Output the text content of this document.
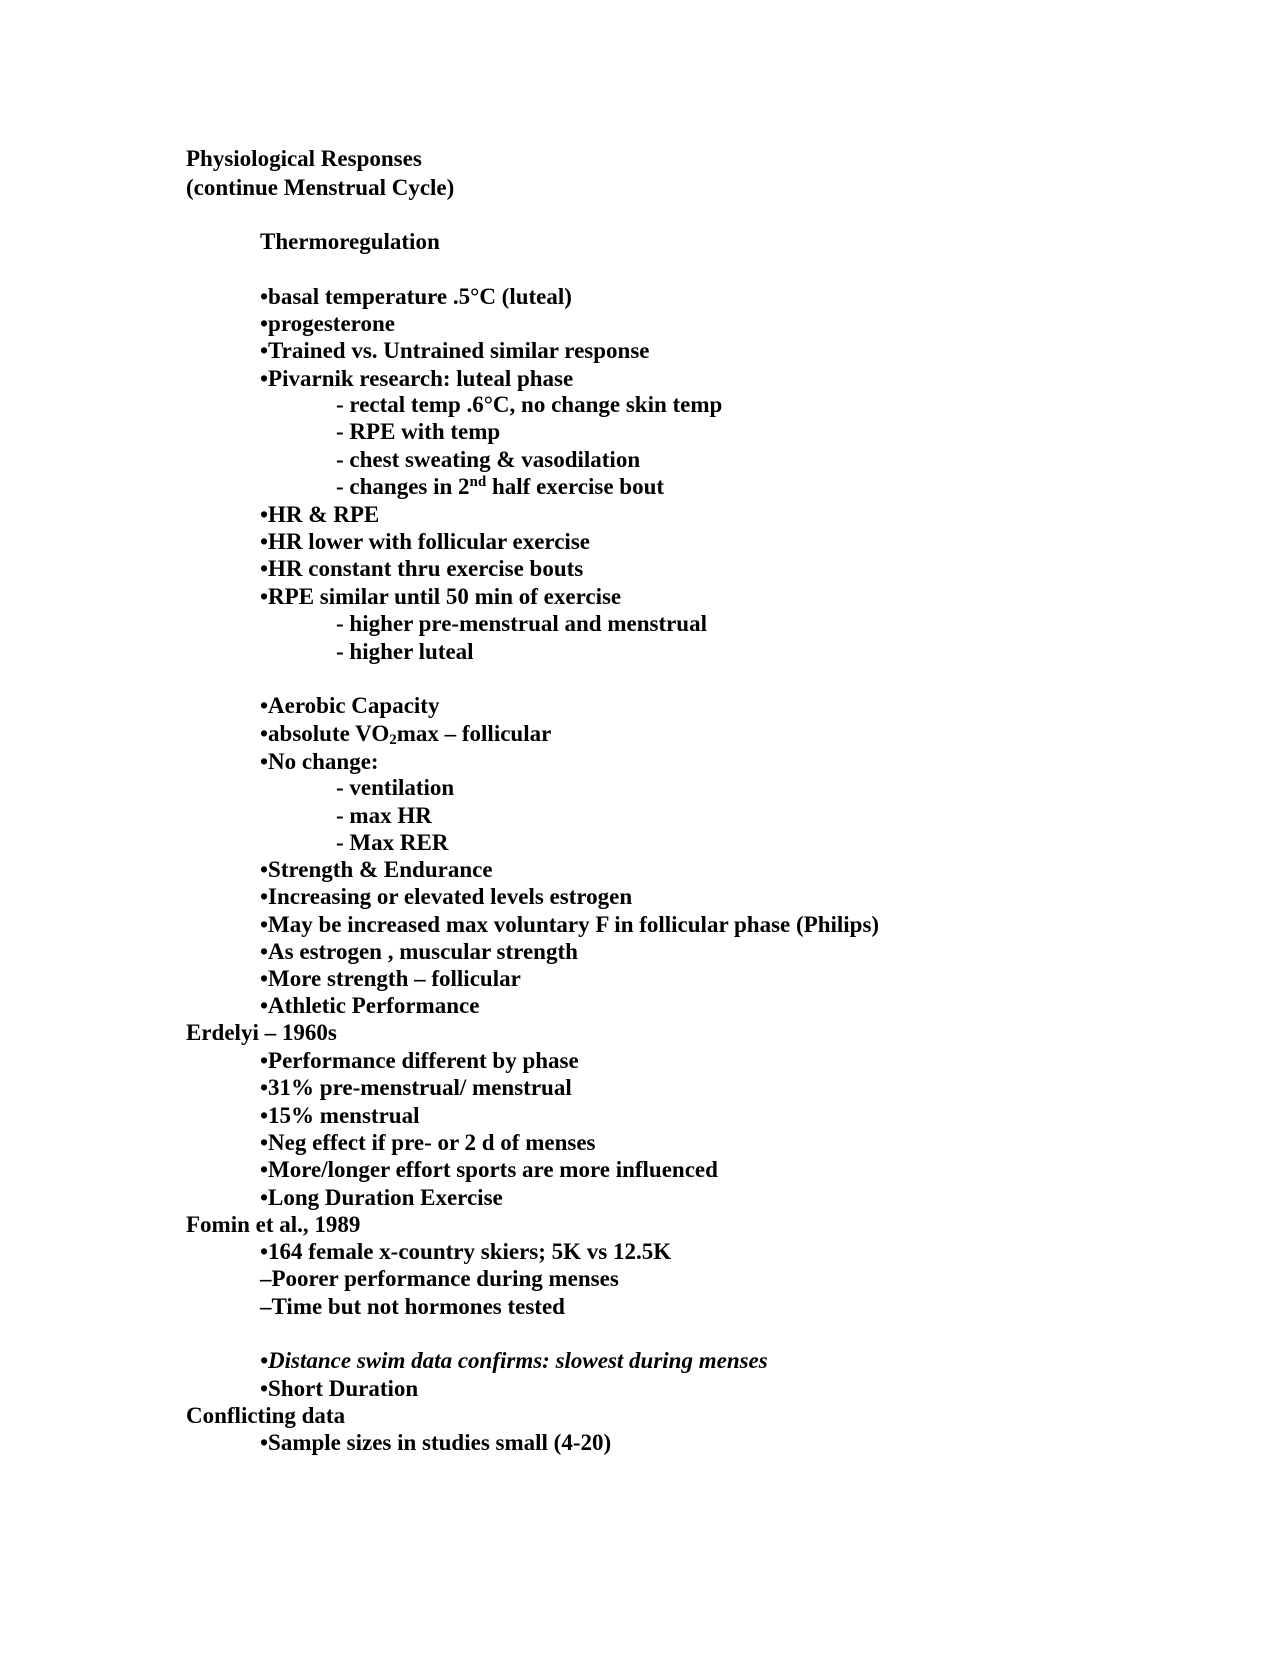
Physiological Responses
(continue Menstrual Cycle)
Thermoregulation
•basal temperature .5°C (luteal)
•progesterone
•Trained vs. Untrained similar response
•Pivarnik research: luteal phase
- rectal temp .6°C, no change skin temp
- RPE with temp
- chest sweating & vasodilation
- changes in 2nd half exercise bout
•HR & RPE
•HR lower with follicular exercise
•HR constant thru exercise bouts
•RPE similar until 50 min of exercise
- higher pre-menstrual and menstrual
- higher luteal
•Aerobic Capacity
•absolute $VO_2\max$ – follicular
•No change:
- ventilation
- max HR
- Max RER
•Strength & Endurance
•Increasing or elevated levels estrogen
•May be increased max voluntary F in follicular phase (Philips)
•As estrogen , muscular strength
•More strength – follicular
•Athletic Performance
Erdelyi – 1960s
•Performance different by phase
•31% pre-menstrual/ menstrual
•15% menstrual
•Neg effect if pre- or 2 d of menses
•More/longer effort sports are more influenced
•Long Duration Exercise
Fomin et al., 1989
•164 female x-country skiers; 5K vs 12.5K
–Poorer performance during menses
–Time but not hormones tested
•Distance swim data confirms: slowest during menses
•Short Duration
Conflicting data
•Sample sizes in studies small (4-20)
